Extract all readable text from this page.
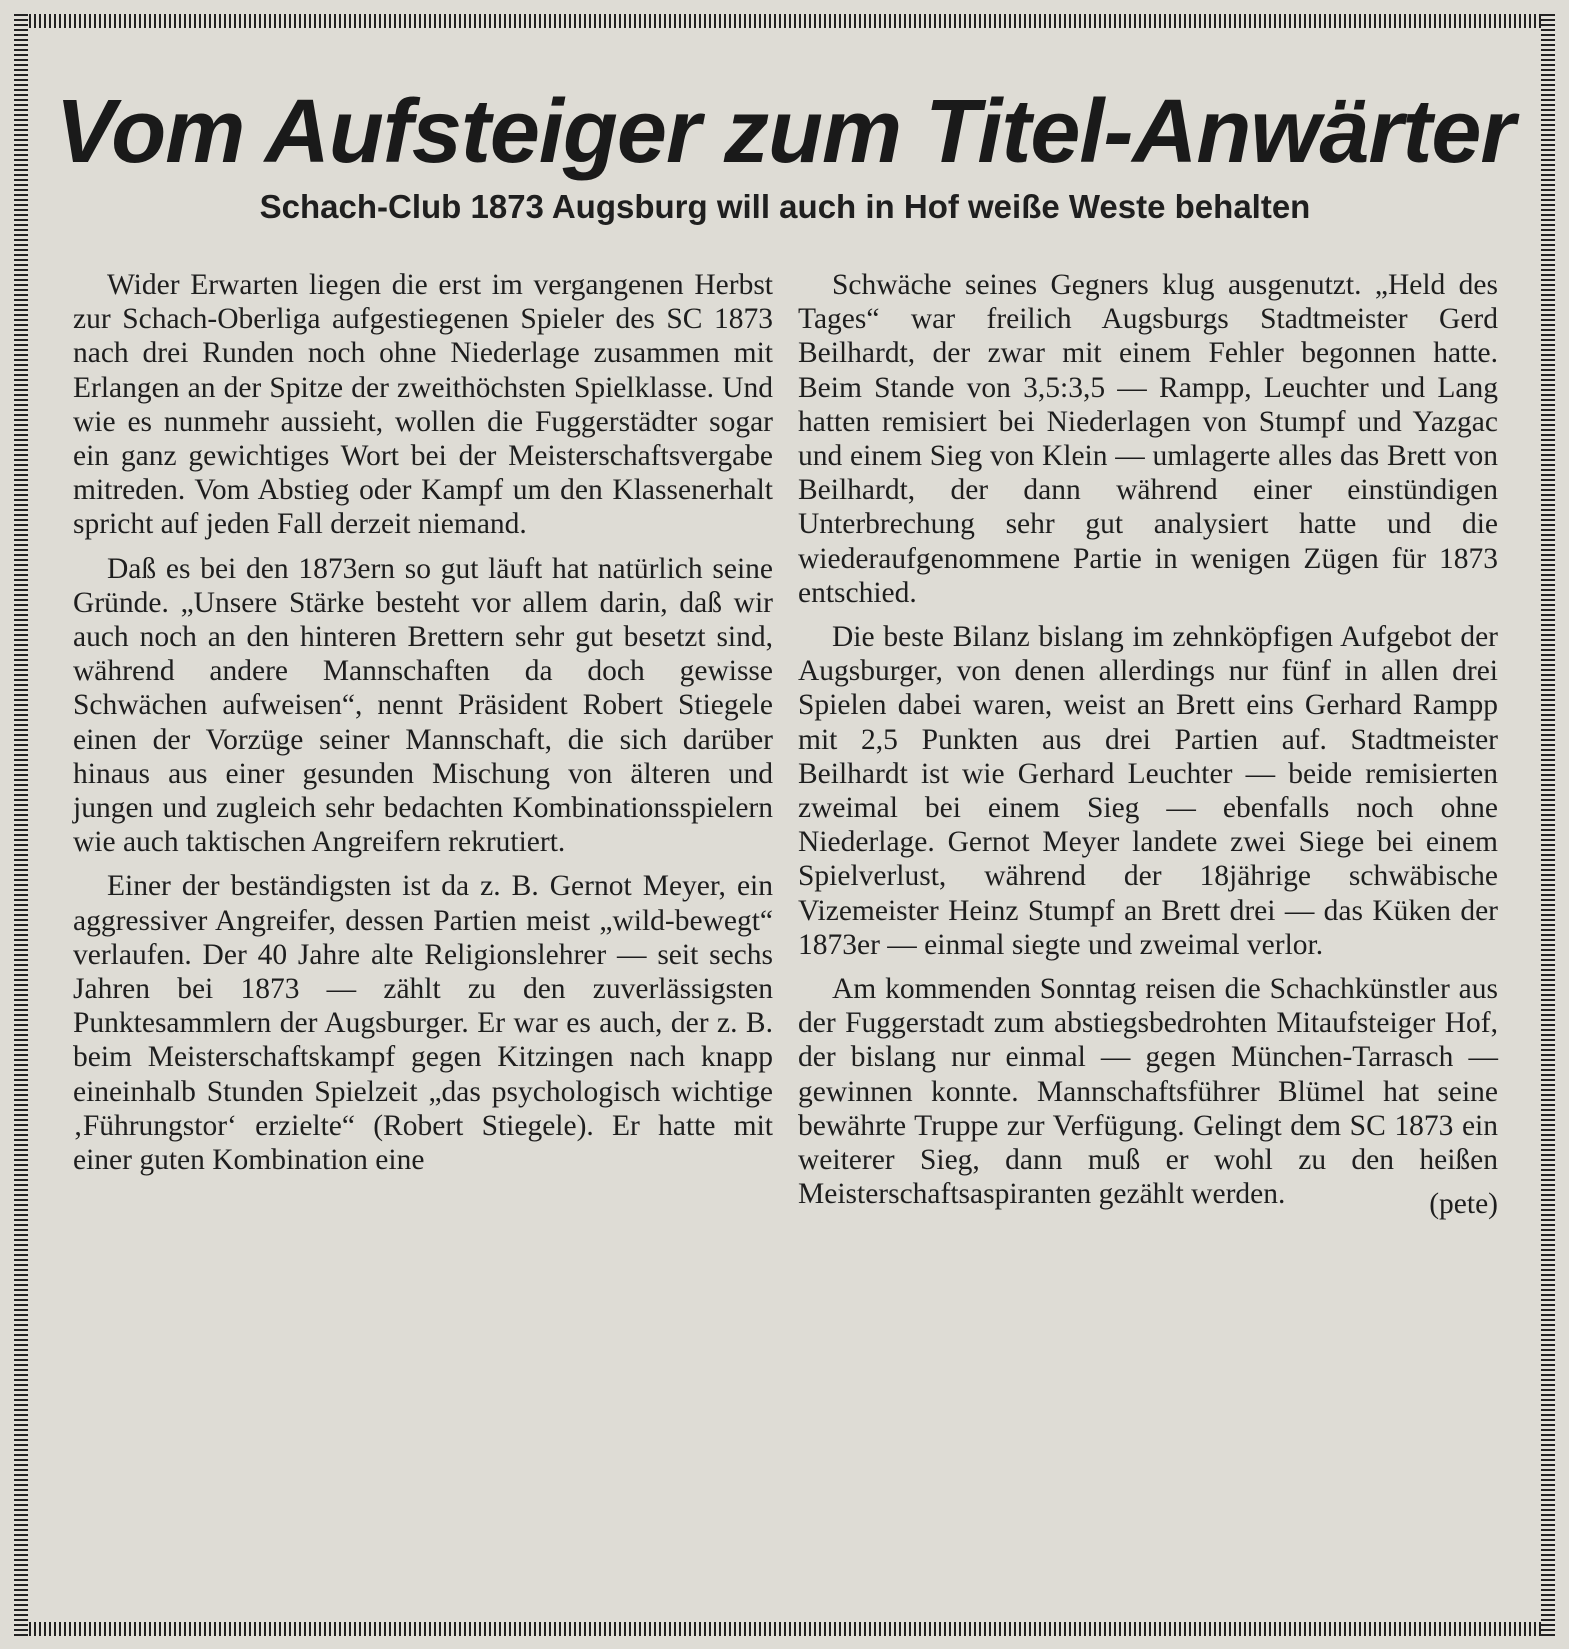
Vom Aufsteiger zum Titel-Anwärter
Schach-Club 1873 Augsburg will auch in Hof weiße Weste behalten

Wider Erwarten liegen die erst im vergangenen Herbst zur Schach-Oberliga aufgestiegenen Spieler des SC 1873 nach drei Runden noch ohne Niederlage zusammen mit Erlangen an der Spitze der zweithöchsten Spielklasse. Und wie es nunmehr aussieht, wollen die Fuggerstädter sogar ein ganz gewichtiges Wort bei der Meisterschaftsvergabe mitreden. Vom Abstieg oder Kampf um den Klassenerhalt spricht auf jeden Fall derzeit niemand.

Daß es bei den 1873ern so gut läuft hat natürlich seine Gründe. „Unsere Stärke besteht vor allem darin, daß wir auch noch an den hinteren Brettern sehr gut besetzt sind, während andere Mannschaften da doch gewisse Schwächen aufweisen“, nennt Präsident Robert Stiegele einen der Vorzüge seiner Mannschaft, die sich darüber hinaus aus einer gesunden Mischung von älteren und jungen und zugleich sehr bedachten Kombinationsspielern wie auch taktischen Angreifern rekrutiert.

Einer der beständigsten ist da z. B. Gernot Meyer, ein aggressiver Angreifer, dessen Partien meist „wild-bewegt“ verlaufen. Der 40 Jahre alte Religionslehrer — seit sechs Jahren bei 1873 — zählt zu den zuverlässigsten Punktesammlern der Augsburger. Er war es auch, der z. B. beim Meisterschaftskampf gegen Kitzingen nach knapp eineinhalb Stunden Spielzeit „das psychologisch wichtige ‚Führungstor‘ erzielte“ (Robert Stiegele). Er hatte mit einer guten Kombination eine

Schwäche seines Gegners klug ausgenutzt. „Held des Tages“ war freilich Augsburgs Stadtmeister Gerd Beilhardt, der zwar mit einem Fehler begonnen hatte. Beim Stande von 3,5:3,5 — Rampp, Leuchter und Lang hatten remisiert bei Niederlagen von Stumpf und Yazgac und einem Sieg von Klein — umlagerte alles das Brett von Beilhardt, der dann während einer einstündigen Unterbrechung sehr gut analysiert hatte und die wiederaufgenommene Partie in wenigen Zügen für 1873 entschied.

Die beste Bilanz bislang im zehnköpfigen Aufgebot der Augsburger, von denen allerdings nur fünf in allen drei Spielen dabei waren, weist an Brett eins Gerhard Rampp mit 2,5 Punkten aus drei Partien auf. Stadtmeister Beilhardt ist wie Gerhard Leuchter — beide remisierten zweimal bei einem Sieg — ebenfalls noch ohne Niederlage. Gernot Meyer landete zwei Siege bei einem Spielverlust, während der 18jährige schwäbische Vizemeister Heinz Stumpf an Brett drei — das Küken der 1873er — einmal siegte und zweimal verlor.

Am kommenden Sonntag reisen die Schachkünstler aus der Fuggerstadt zum abstiegsbedrohten Mitaufsteiger Hof, der bislang nur einmal — gegen München-Tarrasch — gewinnen konnte. Mannschaftsführer Blümel hat seine bewährte Truppe zur Verfügung. Gelingt dem SC 1873 ein weiterer Sieg, dann muß er wohl zu den heißen Meisterschaftsaspiranten gezählt werden.	(pete)
